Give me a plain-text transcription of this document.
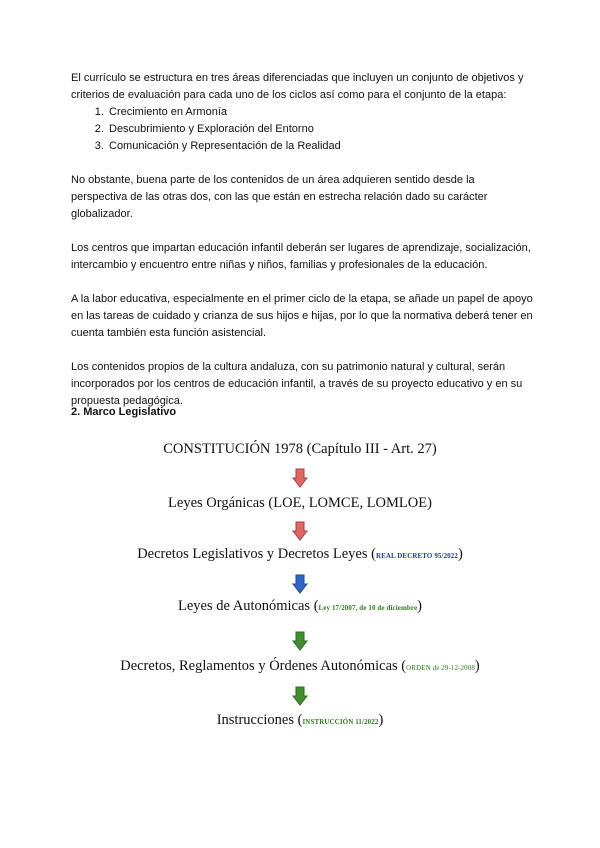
El currículo se estructura en tres áreas diferenciadas que incluyen un conjunto de objetivos y criterios de evaluación para cada uno de los ciclos así como para el conjunto de la etapa:

1. Crecimiento en Armonía
2. Descubrimiento y Exploración del Entorno
3. Comunicación y Representación de la Realidad

No obstante, buena parte de los contenidos de un área adquieren sentido desde la perspectiva de las otras dos, con las que están en estrecha relación dado su carácter globalizador.

Los centros que impartan educación infantil deberán ser lugares de aprendizaje, socialización, intercambio y encuentro entre niñas y niños, familias y profesionales de la educación.

A la labor educativa, especialmente en el primer ciclo de la etapa, se añade un papel de apoyo en las tareas de cuidado y crianza de sus hijos e hijas, por lo que la normativa deberá tener en cuenta también esta función asistencial.

Los contenidos propios de la cultura andaluza, con su patrimonio natural y cultural, serán incorporados por los centros de educación infantil, a través de su proyecto educativo y en su propuesta pedagógica.

2. Marco Legislativo
CONSTITUCIÓN 1978 (Capítulo III - Art. 27)
Leyes Orgánicas (LOE, LOMCE, LOMLOE)
Decretos Legislativos y Decretos Leyes (REAL DECRETO 95/2022)
Leyes de Autonómicas (Ley 17/2007, de 10 de diciembre)
Decretos, Reglamentos y Órdenes Autonómicas (ORDEN de 29-12-2008)
Instrucciones (INSTRUCCIÓN 11/2022)
